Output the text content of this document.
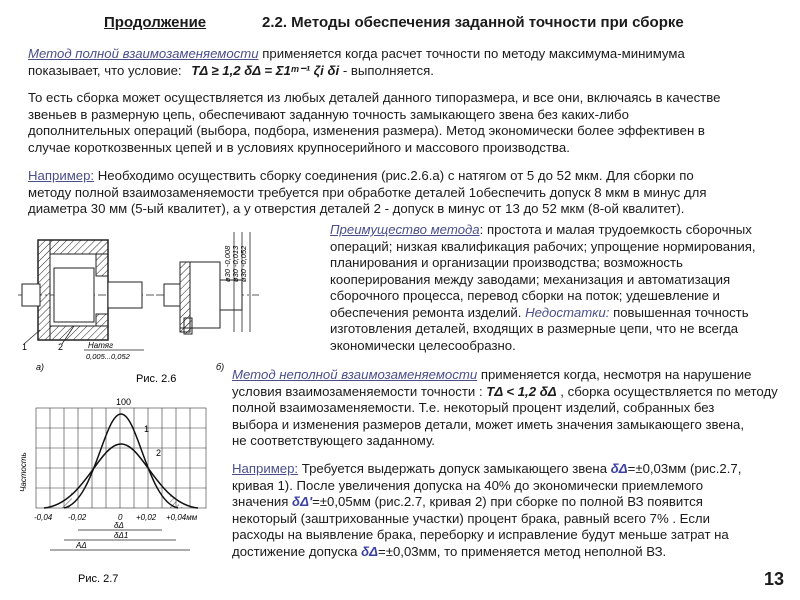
Продолжение	2.2. Методы обеспечения заданной точности при сборке
Метод полной взаимозаменяемости применяется когда расчет точности по методу максимума-минимума
показывает, что условие: TΔ ≥ 1,2 δΔ = Σ1ᵐ⁻¹ ζi δi - выполняется.
То есть сборка может осуществляется из любых деталей данного типоразмера, и все они, включаясь в качестве
звеньев в размерную цепь, обеспечивают заданную точность замыкающего звена без каких-либо
дополнительных операций (выбора, подбора, изменения размера). Метод экономически более эффективен в
случае короткозвенных цепей и в условиях крупносерийного и массового производства.
Например: Необходимо осуществить сборку соединения (рис.2.6.а) с натягом от 5 до 52 мкм. Для сборки по
методу полной взаимозаменяемости требуется при обработке деталей 1обеспечить допуск 8 мкм в минус для
диаметра 30 мм (5-ый квалитет), а у отверстия деталей 2 - допуск в минус от 13 до 52 мкм (8-ой квалитет).
Преимущество метода: простота и малая трудоемкость сборочных
операций; низкая квалификация рабочих; упрощение нормирования,
планирования и организации производства; возможность
кооперирования между заводами; механизация и автоматизация
сборочного процесса, перевод сборки на поток; удешевление и
обеспечения ремонта изделий. Недостатки: повышенная точность
изготовления деталей, входящих в размерные цепи, что не всегда
экономически целесообразно.
Метод неполной взаимозаменяемости применяется когда, несмотря на нарушение
условия взаимозаменяемости точности : TΔ < 1,2 δΔ , сборка осуществляется по методу
полной взаимозаменяемости. Т.е. некоторый процент изделий, собранных без
выбора и изменения размеров детали, может иметь значения замыкающего звена,
не соответствующего заданному.
Например: Требуется выдержать допуск замыкающего звена δΔ=±0,03мм (рис.2.7,
кривая 1). После увеличения допуска на 40% до экономически приемлемого
значения δΔ'=±0,05мм (рис.2.7, кривая 2) при сборке по полной ВЗ появится
некоторый (заштрихованные участки) процент брака, равный всего 7% . Если
расходы на выявление брака, переборку и исправление будут меньше затрат на
достижение допуска δΔ=±0,03мм, то применяется метод неполной ВЗ.
1	2	Натяг
0,005...0,052
а)
ø30 -0,008 ø30 -0,013 ø30 -0,052
б)
Рис. 2.6
100
1
2
Частость
-0,04 -0,02	0 +0,02 +0,04мм
δΔ
δΔ1
AΔ
Рис. 2.7	13
